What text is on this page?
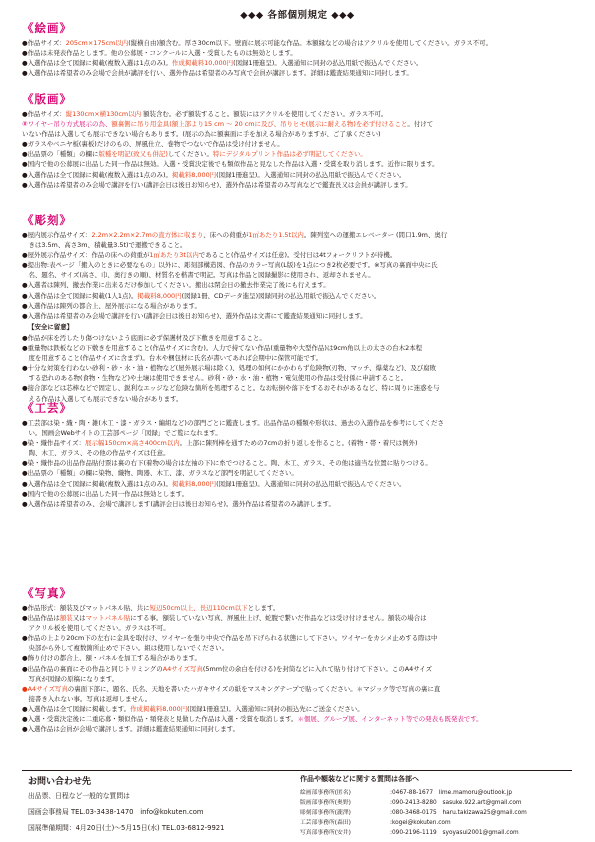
◆◆◆ 各部個別規定 ◆◆◆
《絵画》

●作品サイズ：205cm×175cm以内(縦横自由)額含む。厚さ30cm以下。壁面に展示可能な作品。本額縁などの場合はアクリルを使用してください。ガラス不可。

●作品は未発表作品とします。他の公募展・コンクールに入選・受賞したものは無効とします。

●入選作品は全て図録に掲載(複数入選は1点のみ)。作成掲載料10,000円(図録1冊進呈)。入選通知に同封の払込用紙で振込んでください。

●入選作品は希望者のみ会場で会員が講評を行い、選外作品は希望者のみ写真で会員が講評します。詳細は鑑査結果通知に同封します。

《版画》

●作品サイズ：縦130cm×横130cm以内 額装含む。必ず額装すること。額装にはアクリルを使用してください。ガラス不可。

⑧ワイヤー吊り方式展示の為、額裏側に吊り用金具(額上部より15 cm ～ 20 cmに及び、吊りヒモ(展示に耐える物)を必ず付けること。付けて

いない作品は入選しても展示できない場合もあります。(展示の為に額裏面に手を加える場合がありますが、ご了承ください)

●ガラスやベニヤ板(裏板)だけのもの、屏風仕立、巻物でつないで作品は受け付けません。

●出品票の「種類」の欄に版種を明記(致又も併記)してください。特にデジタルプリント作品は必ず明記してください。

●国内で他の公募展に出品した同一作品は無効。入選・受賞決定後でも類似作品と見なした作品は入選・受賞を取り消します。近作に限ります。

●入選作品は全て図録に掲載(複数入選は1点のみ)。掲載料8,000円(図録1冊進呈)。入選通知に同封の払込用紙で振込んでください。

●入選作品は希望者のみ会場で講評を行い(講評会日は後日お知らせ)、選外作品は希望者のみ写真などで鑑査長又は会員が講評します。

《彫刻》

●屋内展示作品サイズ：2.2m×2.2m×2.7mの直方体に収まり、床への荷重が1㎡あたり1.5t以内。陳列室への運搬エレベーター (間口1.9m、奥行

　きは3.5m、高さ3m、積載量3.5t)で運搬できること。

●屋外展示作品サイズ：作品の床への荷重が1㎡あたり3t以内であること(作品サイズは任意)。受付日は4tフォークリフトが待機。

●提出物:表ページ「搬入のときに必要なもの」以外に、彫刻部構造図、作品のカラー写真(L版)を1点につき2枚必要です。※写真の裏面中央に氏

　名、題名、サイズ(高さ、巾、奥行きの順)、材質名を楷書で明記。写真は作品と図録撮影に使用され、返却されません。

●入選者は陳列、撤去作業に出来るだけ参加してください。搬出は閉会日の撤去作業完了後にも行えます。

●入選作品は全て図録に掲載(1人1点)。掲載料8,000円(図録1冊、CDデータ進呈)図録同封の払込用紙で振込んでください。

●入選作品は陳列の都合上、屋外展示になる場合があります。

●入選作品は希望者のみ会場で講評を行い(講評会日は後日お知らせ)、選外作品は文書にて鑑査結果通知に同封します。

【安全に留意】

●作品が床を汚したり傷つけないよう底面に必ず保護材及び下敷きを用意すること。

●重量物は鉄板などの下敷きを用意すること(作品サイズに含む)。人力で持てない作品(重量物や大型作品)は9cm角以上の太さの台木2本程

　度を用意すること(作品サイズに含まず)。台木や梱包材に氏名が書いてあれば会期中に保管可能です。

●十分な対策を行わない砂利・砂・水・油・植物など(屋外展示場は除く)、処理の如何にかかわらず危険物(刃物、マッチ、爆薬など)、及び腐敗

　する恐れのある物(食物・生物など)や土壌は使用できません。砂利・砂・水・油・植物・電気使用の作品は受付係に申請すること。

●接合部などは芯棒などで固定し、鋭利なエッジなど危険な箇所を処理すること。なお転倒や落下をするおそれがあるなど、特に周りに迷惑を与

　える作品は入選しても展示できない場合があります。

《工芸》

●工芸部は染・織・陶・雑(木工・漆・ガラス・編組など)の部門ごとに鑑査します。出品作品の種類や形状は、過去の入選作品を参考にしてくださ

　い。国画会Webサイトの工芸部ページ「図録」でご覧になれます。

●染・織作品サイズ：展示幅150cm×高さ400cm以内。上部に陳列棒を通すための7cmの折り返しを作ること。(着物・帯・着尺は例外)

　陶、木工、ガラス、その他の作品サイズは任意。

●染・織作品の出品作品貼付票は裏の右下(着物の場合は左袖の下)に糸でつけること。陶、木工、ガラス、その他は適当な位置に貼りつける。

●出品票の「種類」の欄に染物、織物、陶器、木工、漆、ガラスなど部門を明記してください。

●入選作品は全て図録に掲載(複数入選は1点のみ)。掲載料8,000円(図録1冊進呈)。入選通知に同封の払込用紙で振込んでください。

●国内で他の公募展に出品した同一作品は無効とします。

●入選作品は希望者のみ、会場で講評します(講評会日は後日お知らせ)。選外作品は希望者のみ講評します。

《写真》

●作品形式：額装及びマットパネル貼、共に短辺50cm以上、長辺110cm以下とします。

●出品作品は額装又はマットパネル貼にする事。額装していない写真、屏風仕上げ、蛇腹で繋いだ作品などは受け付けません。額装の場合は

　アクリル板を使用してください。ガラスは不可。

●作品の上より20cm下の左右に金具を取付け、ワイヤーを張り中央で作品を吊下げられる状態にして下さい。ワイヤーをカシメ止めする際は中

　央部から外して複数箇所止めで下さい。組は使用しないでください。

●飾り付けの都合上、額・パネルを加工する場合があります。

●出品作品の裏面にその作品と同じトリミングのA4サイズ写真(5mm位の余白を付ける)を封筒などに入れて貼り付けて下さい。このA4サイズ

　写真が図録の原稿になります。

●A4サイズ写真の裏面下部に、題名、氏名、天地を書いたハガキサイズの紙をマスキングテープで貼ってください。＊マジック等で写真の裏に直

　接書き入れない事。写真は返却しません。

●入選作品は全て図録に掲載します。作成掲載料8,000円(図録1冊進呈)。入選通知に同封の振込先にご送金ください。

●入選・受賞決定後に二重応募・類似作品・頻発表と見做した作品は入選・受賞を取消します。＊個展、グループ展、インターネット等での発表も既発表です。

●入選作品は会員が会場で講評します。詳細は鑑査結果通知に同封します。

お問い合わせ先
出品票、日程など一般的な質問は
国画会事務局 TEL.03-3438-1470　info@kokuten.com
国展準備期間：4月20日(土)～5月15日(水) TEL.03-6812-9921
作品や額装などに関する質問は各部へ
絵画部事務所(匿名)	:0467-88-1677　lime.mamoru@outlook.jp
版画部事務所(奥野)	:090-2413-8280　sasuke.922.art@gmail.com
彫刻部事務所(瀧澤)	:080-3468-0175　haru.takizawa25@gmail.com
工芸部事務所(森田)	:kogei@kokuten.com
写真部事務所(安井)	:090-2196-1119　syoyasui2001@gmail.com
